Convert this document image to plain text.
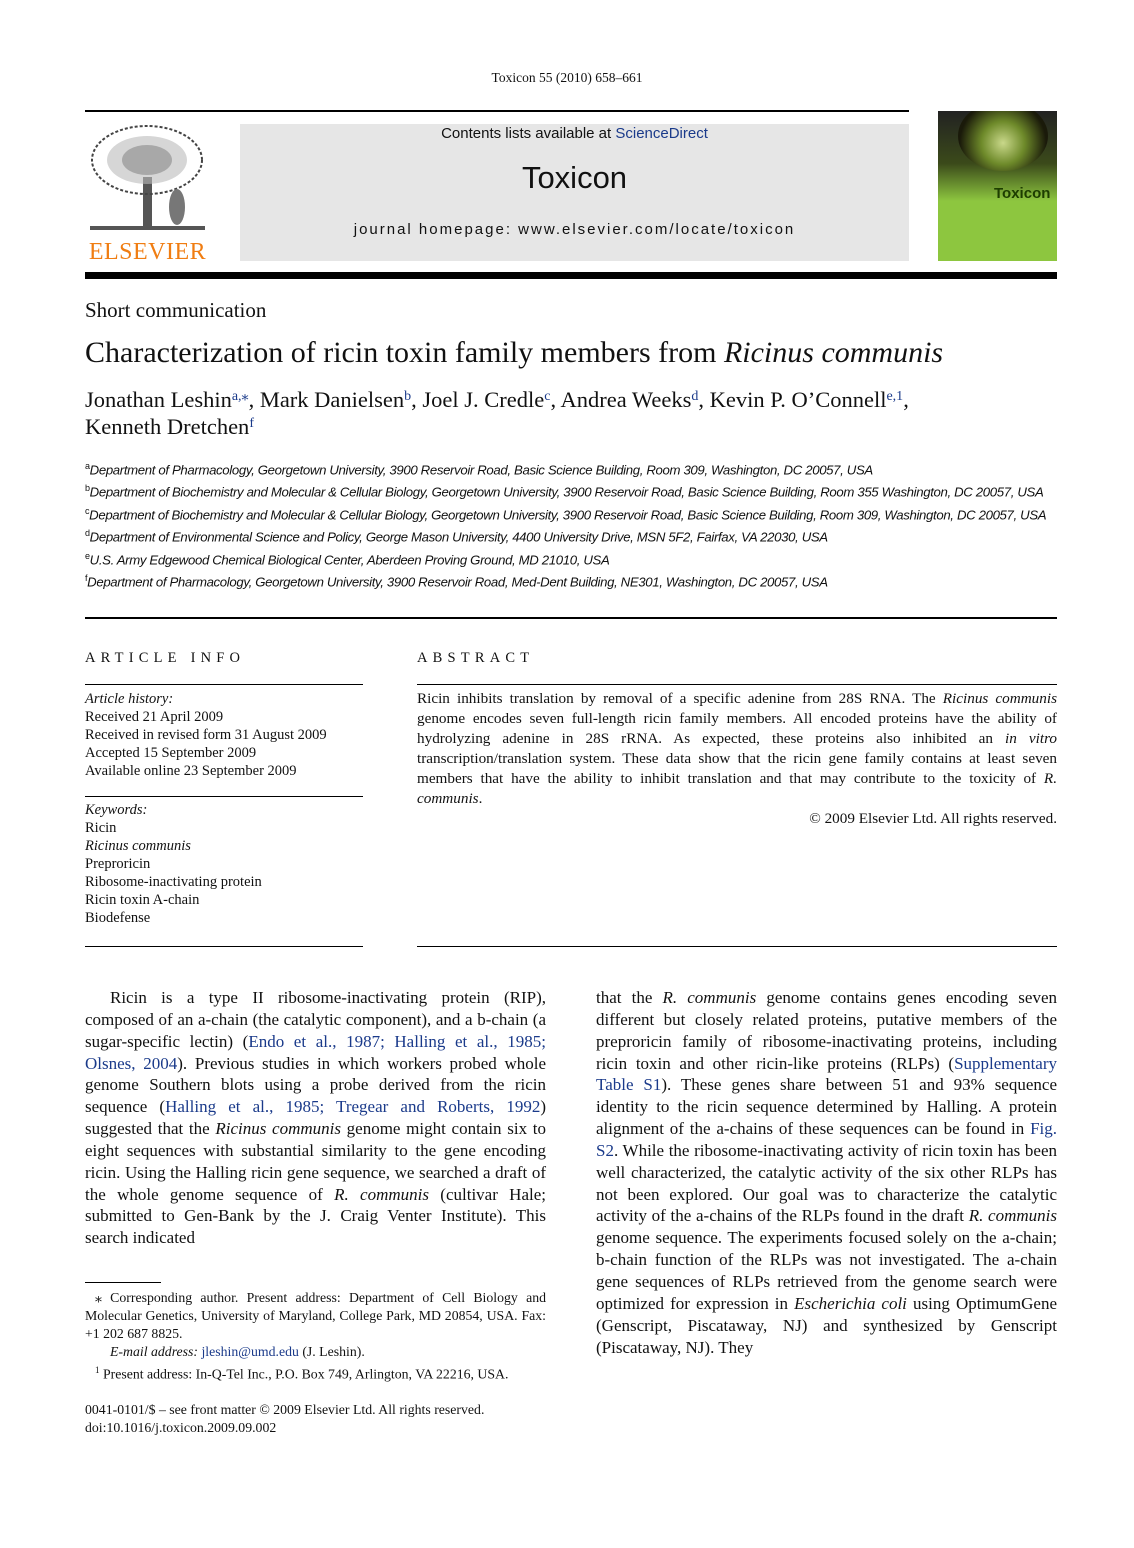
Toxicon 55 (2010) 658–661
ELSEVIER
Contents lists available at ScienceDirect
Toxicon
journal homepage: www.elsevier.com/locate/toxicon
Toxicon
Short communication
Characterization of ricin toxin family members from Ricinus communis
Jonathan Leshin$^{a,⁎}$, Mark Danielsen$^b$, Joel J. Credle$^c$, Andrea Weeks$^d$, Kevin P. O’Connell$^{e,1}$,
Kenneth Dretchen$^f$
$^a$Department of Pharmacology, Georgetown University, 3900 Reservoir Road, Basic Science Building, Room 309, Washington, DC 20057, USA
$^b$Department of Biochemistry and Molecular & Cellular Biology, Georgetown University, 3900 Reservoir Road, Basic Science Building, Room 355 Washington, DC 20057, USA
$^c$Department of Biochemistry and Molecular & Cellular Biology, Georgetown University, 3900 Reservoir Road, Basic Science Building, Room 309, Washington, DC 20057, USA
$^d$Department of Environmental Science and Policy, George Mason University, 4400 University Drive, MSN 5F2, Fairfax, VA 22030, USA
$^e$U.S. Army Edgewood Chemical Biological Center, Aberdeen Proving Ground, MD 21010, USA
$^f$Department of Pharmacology, Georgetown University, 3900 Reservoir Road, Med-Dent Building, NE301, Washington, DC 20057, USA
ARTICLE INFO
Article history:
Received 21 April 2009
Received in revised form 31 August 2009
Accepted 15 September 2009
Available online 23 September 2009
Keywords:
Ricin
Ricinus communis
Preproricin
Ribosome-inactivating protein
Ricin toxin A-chain
Biodefense
ABSTRACT
Ricin inhibits translation by removal of a specific adenine from 28S RNA. The Ricinus communis genome encodes seven full-length ricin family members. All encoded proteins have the ability of hydrolyzing adenine in 28S rRNA. As expected, these proteins also inhibited an in vitro transcription/translation system. These data show that the ricin gene family contains at least seven members that have the ability to inhibit translation and that may contribute to the toxicity of R. communis.
© 2009 Elsevier Ltd. All rights reserved.
Ricin is a type II ribosome-inactivating protein (RIP), composed of an a-chain (the catalytic component), and a b-chain (a sugar-specific lectin) (Endo et al., 1987; Halling et al., 1985; Olsnes, 2004). Previous studies in which workers probed whole genome Southern blots using a probe derived from the ricin sequence (Halling et al., 1985; Tregear and Roberts, 1992) suggested that the Ricinus communis genome might contain six to eight sequences with substantial similarity to the gene encoding ricin. Using the Halling ricin gene sequence, we searched a draft of the whole genome sequence of R. communis (cultivar Hale; submitted to Gen-Bank by the J. Craig Venter Institute). This search indicated
that the R. communis genome contains genes encoding seven different but closely related proteins, putative members of the preproricin family of ribosome-inactivating proteins, including ricin toxin and other ricin-like proteins (RLPs) (Supplementary Table S1). These genes share between 51 and 93% sequence identity to the ricin sequence determined by Halling. A protein alignment of the a-chains of these sequences can be found in Fig. S2. While the ribosome-inactivating activity of ricin toxin has been well characterized, the catalytic activity of the six other RLPs has not been explored. Our goal was to characterize the catalytic activity of the a-chains of the RLPs found in the draft R. communis genome sequence. The experiments focused solely on the a-chain; b-chain function of the RLPs was not investigated. The a-chain gene sequences of RLPs retrieved from the genome search were optimized for expression in Escherichia coli using OptimumGene (Genscript, Piscataway, NJ) and synthesized by Genscript (Piscataway, NJ). They
⁎ Corresponding author. Present address: Department of Cell Biology and Molecular Genetics, University of Maryland, College Park, MD 20854, USA. Fax: +1 202 687 8825.
E-mail address: jleshin@umd.edu (J. Leshin).
$^1$ Present address: In-Q-Tel Inc., P.O. Box 749, Arlington, VA 22216, USA.
0041-0101/$ – see front matter © 2009 Elsevier Ltd. All rights reserved.
doi:10.1016/j.toxicon.2009.09.002
